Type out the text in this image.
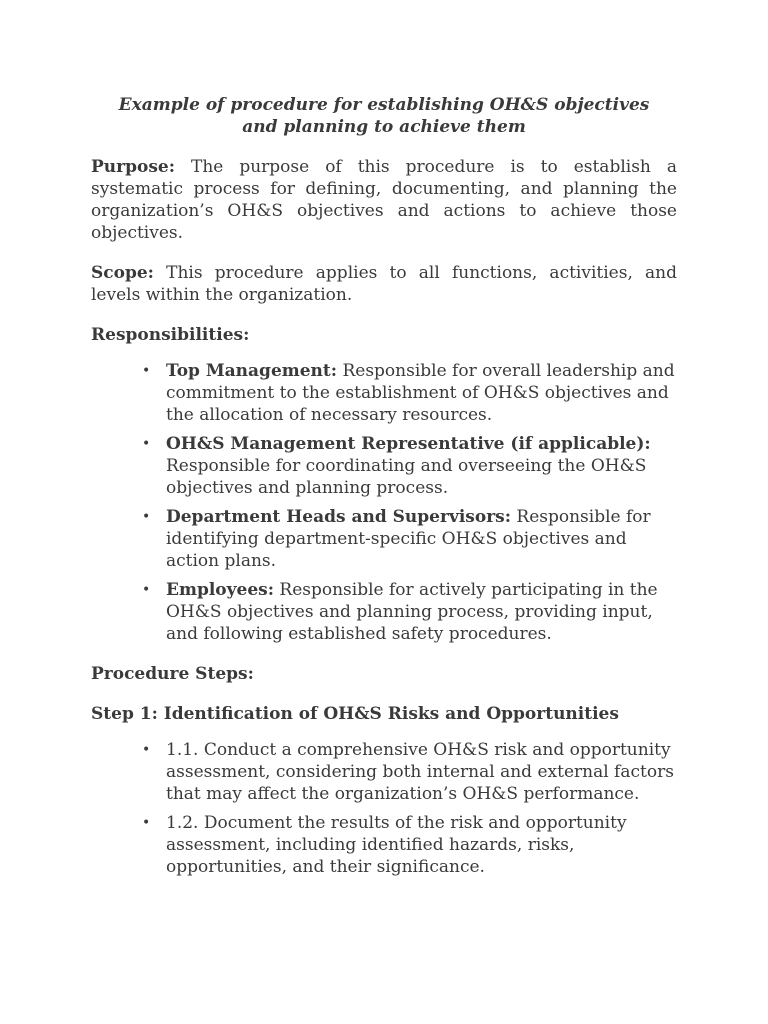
Example of procedure for establishing OH&S objectives
and planning to achieve them

Purpose: The purpose of this procedure is to establish a systematic process for defining, documenting, and planning the organization’s OH&S objectives and actions to achieve those objectives.

Scope: This procedure applies to all functions, activities, and levels within the organization.

Responsibilities:
• Top Management: Responsible for overall leadership and commitment to the establishment of OH&S objectives and the allocation of necessary resources.
• OH&S Management Representative (if applicable): Responsible for coordinating and overseeing the OH&S objectives and planning process.
• Department Heads and Supervisors: Responsible for identifying department-specific OH&S objectives and action plans.
• Employees: Responsible for actively participating in the OH&S objectives and planning process, providing input, and following established safety procedures.
Procedure Steps:
Step 1: Identification of OH&S Risks and Opportunities
• 1.1. Conduct a comprehensive OH&S risk and opportunity assessment, considering both internal and external factors that may affect the organization’s OH&S performance.
• 1.2. Document the results of the risk and opportunity assessment, including identified hazards, risks, opportunities, and their significance.
